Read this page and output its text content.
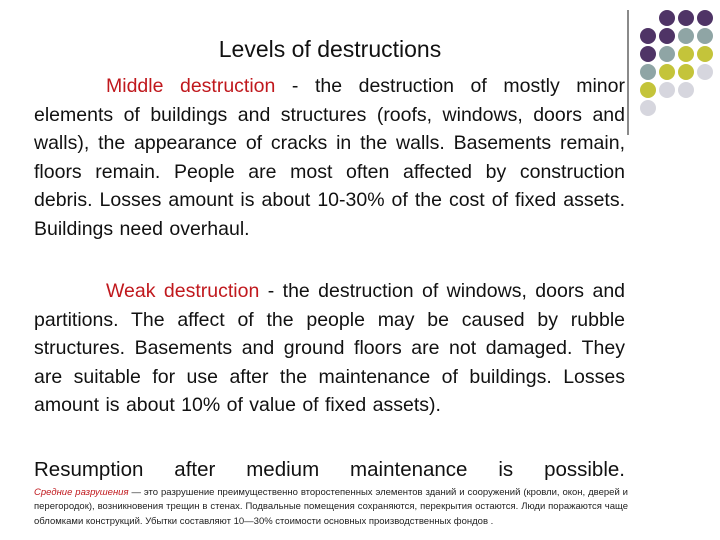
Levels of destructions

Middle destruction - the destruction of mostly minor elements of buildings and structures (roofs, windows, doors and walls), the appearance of cracks in the walls. Basements remain, floors remain. People are most often affected by construction debris. Losses amount is about 10-30% of the cost of fixed assets. Buildings need overhaul.

Weak destruction - the destruction of windows, doors and partitions. The affect of the people may be caused by rubble structures. Basements and ground floors are not damaged. They are suitable for use after the maintenance of buildings. Losses amount is about 10% of value of fixed assets).

Resumption after medium maintenance is possible.

Средние разрушения — это разрушение преимущественно второстепенных элементов зданий и сооружений (кровли, окон, дверей и перегородок), возникновения трещин в стенах. Подвальные помещения сохраняются, перекрытия остаются. Люди поражаются чаще обломками конструкций. Убытки составляют 10—30% стоимости основных производственных фондов .
